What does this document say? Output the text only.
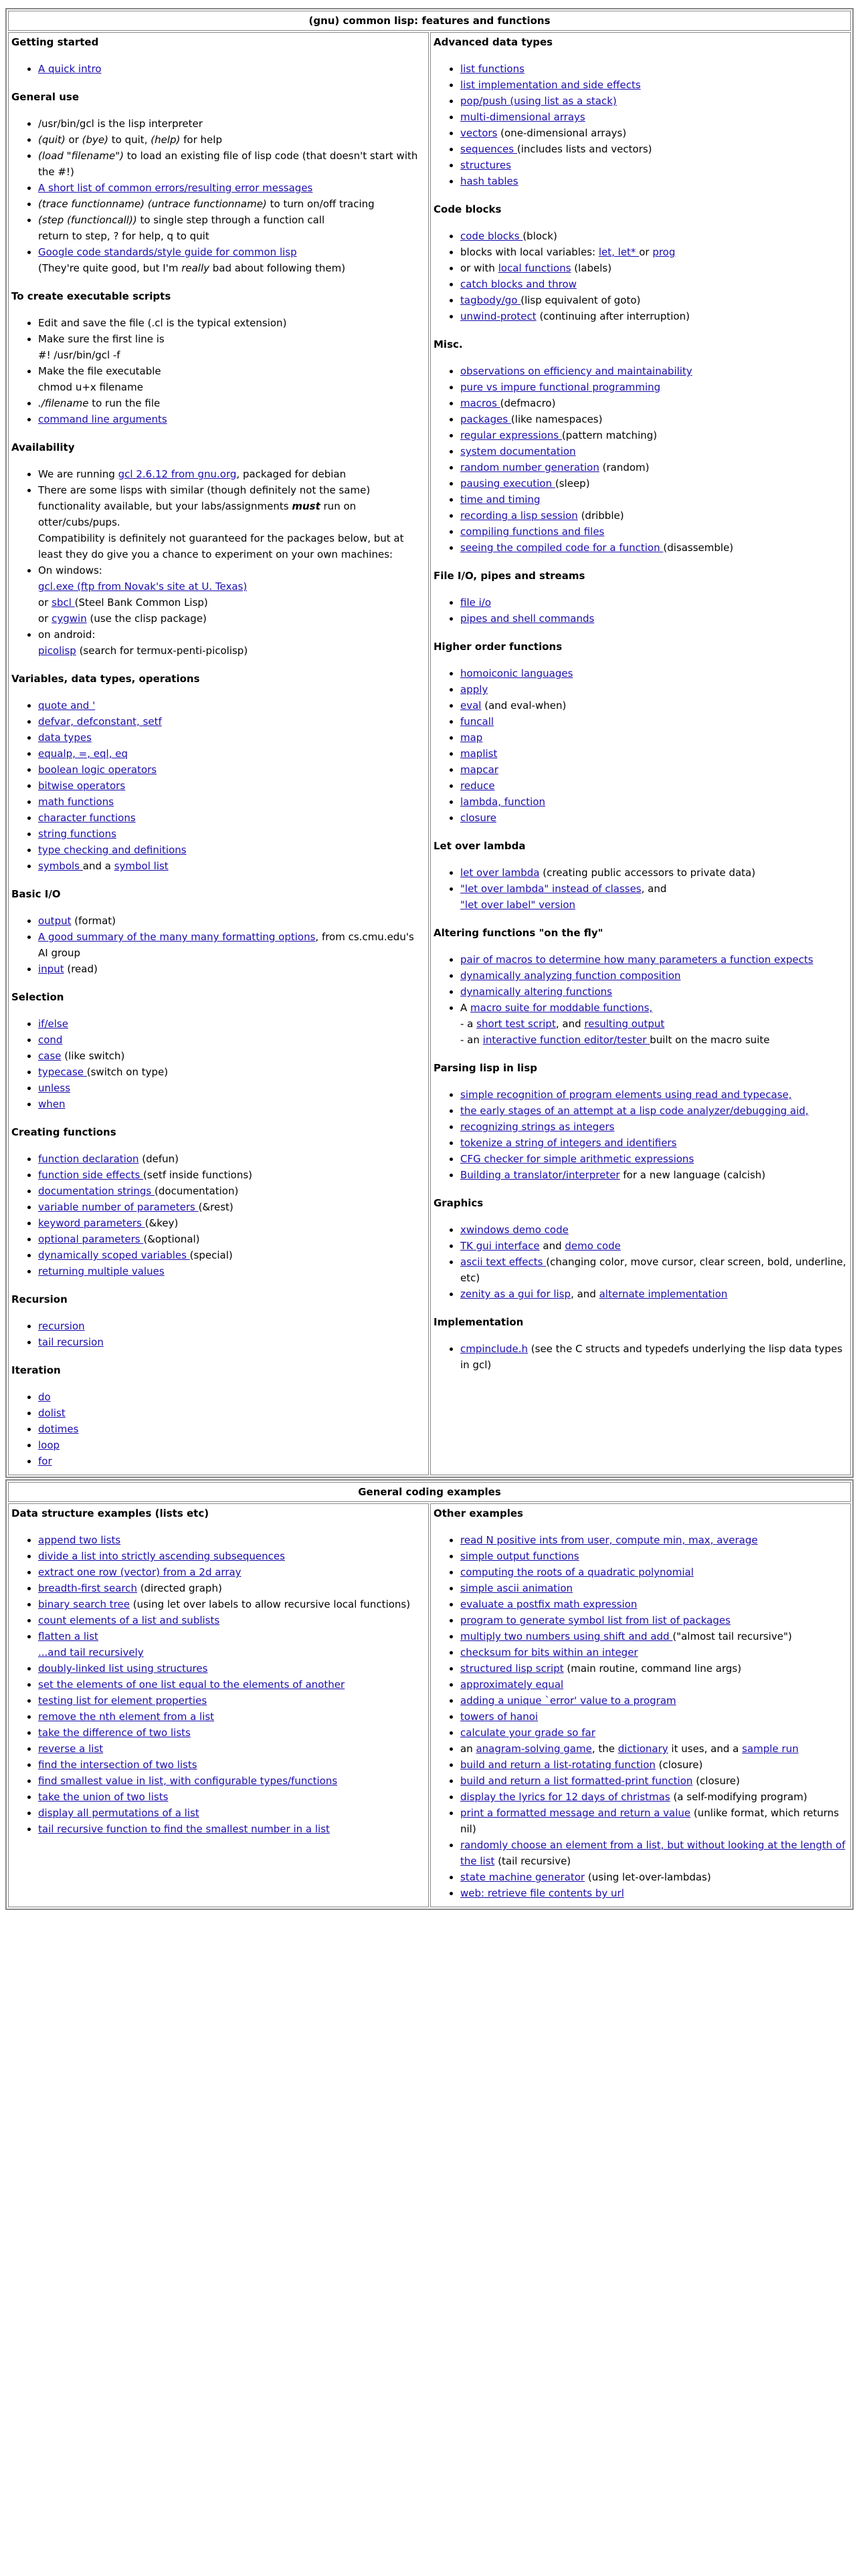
(gnu) common lisp: features and functions

Getting started
• A quick intro
General use
• /usr/bin/gcl is the lisp interpreter
• (quit) or (bye) to quit, (help) for help
• (load "filename") to load an existing file of lisp code (that doesn't start with the #!)
• A short list of common errors/resulting error messages
• (trace functionname) (untrace functionname) to turn on/off tracing
• (step (functioncall)) to single step through a function call
return to step, ? for help, q to quit
• Google code standards/style guide for common lisp
(They're quite good, but I'm really bad about following them)
To create executable scripts
• Edit and save the file (.cl is the typical extension)
• Make sure the first line is
#! /usr/bin/gcl -f
• Make the file executable
chmod u+x filename
• ./filename to run the file
• command line arguments
Availability
• We are running gcl 2.6.12 from gnu.org, packaged for debian
• There are some lisps with similar (though definitely not the same) functionality available, but your labs/assignments must run on otter/cubs/pups.
Compatibility is definitely not guaranteed for the packages below, but at least they do give you a chance to experiment on your own machines:
• On windows:
gcl.exe (ftp from Novak's site at U. Texas)
or sbcl (Steel Bank Common Lisp)
or cygwin (use the clisp package)
• on android:
picolisp (search for termux-penti-picolisp)
Variables, data types, operations
• quote and '
• defvar, defconstant, setf
• data types
• equalp, =, eql, eq
• boolean logic operators
• bitwise operators
• math functions
• character functions
• string functions
• type checking and definitions
• symbols and a symbol list
Basic I/O
• output (format)
• A good summary of the many many formatting options, from cs.cmu.edu's AI group
• input (read)
Selection
• if/else
• cond
• case (like switch)
• typecase (switch on type)
• unless
• when
Creating functions
• function declaration (defun)
• function side effects (setf inside functions)
• documentation strings (documentation)
• variable number of parameters (&rest)
• keyword parameters (&key)
• optional parameters (&optional)
• dynamically scoped variables (special)
• returning multiple values
Recursion
• recursion
• tail recursion
Iteration
• do
• dolist
• dotimes
• loop
• for

Advanced data types
• list functions
• list implementation and side effects
• pop/push (using list as a stack)
• multi-dimensional arrays
• vectors (one-dimensional arrays)
• sequences (includes lists and vectors)
• structures
• hash tables
Code blocks
• code blocks (block)
• blocks with local variables: let, let* or prog
• or with local functions (labels)
• catch blocks and throw
• tagbody/go (lisp equivalent of goto)
• unwind-protect (continuing after interruption)
Misc.
• observations on efficiency and maintainability
• pure vs impure functional programming
• macros (defmacro)
• packages (like namespaces)
• regular expressions (pattern matching)
• system documentation
• random number generation (random)
• pausing execution (sleep)
• time and timing
• recording a lisp session (dribble)
• compiling functions and files
• seeing the compiled code for a function (disassemble)
File I/O, pipes and streams
• file i/o
• pipes and shell commands
Higher order functions
• homoiconic languages
• apply
• eval (and eval-when)
• funcall
• map
• maplist
• mapcar
• reduce
• lambda, function
• closure
Let over lambda
• let over lambda (creating public accessors to private data)
• "let over lambda" instead of classes, and
"let over label" version
Altering functions "on the fly"
• pair of macros to determine how many parameters a function expects
• dynamically analyzing function composition
• dynamically altering functions
• A macro suite for moddable functions,
- a short test script, and resulting output
- an interactive function editor/tester built on the macro suite
Parsing lisp in lisp
• simple recognition of program elements using read and typecase,
• the early stages of an attempt at a lisp code analyzer/debugging aid,
• recognizing strings as integers
• tokenize a string of integers and identifiers
• CFG checker for simple arithmetic expressions
• Building a translator/interpreter for a new language (calcish)
Graphics
• xwindows demo code
• TK gui interface and demo code
• ascii text effects (changing color, move cursor, clear screen, bold, underline, etc)
• zenity as a gui for lisp, and alternate implementation
Implementation
• cmpinclude.h (see the C structs and typedefs underlying the lisp data types in gcl)
General coding examples

Data structure examples (lists etc)
• append two lists
• divide a list into strictly ascending subsequences
• extract one row (vector) from a 2d array
• breadth-first search (directed graph)
• binary search tree (using let over labels to allow recursive local functions)
• count elements of a list and sublists
• flatten a list
...and tail recursively
• doubly-linked list using structures
• set the elements of one list equal to the elements of another
• testing list for element properties
• remove the nth element from a list
• take the difference of two lists
• reverse a list
• find the intersection of two lists
• find smallest value in list, with configurable types/functions
• take the union of two lists
• display all permutations of a list
• tail recursive function to find the smallest number in a list

Other examples
• read N positive ints from user, compute min, max, average
• simple output functions
• computing the roots of a quadratic polynomial
• simple ascii animation
• evaluate a postfix math expression
• program to generate symbol list from list of packages
• multiply two numbers using shift and add ("almost tail recursive")
• checksum for bits within an integer
• structured lisp script (main routine, command line args)
• approximately equal
• adding a unique `error' value to a program
• towers of hanoi
• calculate your grade so far
• an anagram-solving game, the dictionary it uses, and a sample run
• build and return a list-rotating function (closure)
• build and return a list formatted-print function (closure)
• display the lyrics for 12 days of christmas (a self-modifying program)
• print a formatted message and return a value (unlike format, which returns nil)
• randomly choose an element from a list, but without looking at the length of the list (tail recursive)
• state machine generator (using let-over-lambdas)
• web: retrieve file contents by url
